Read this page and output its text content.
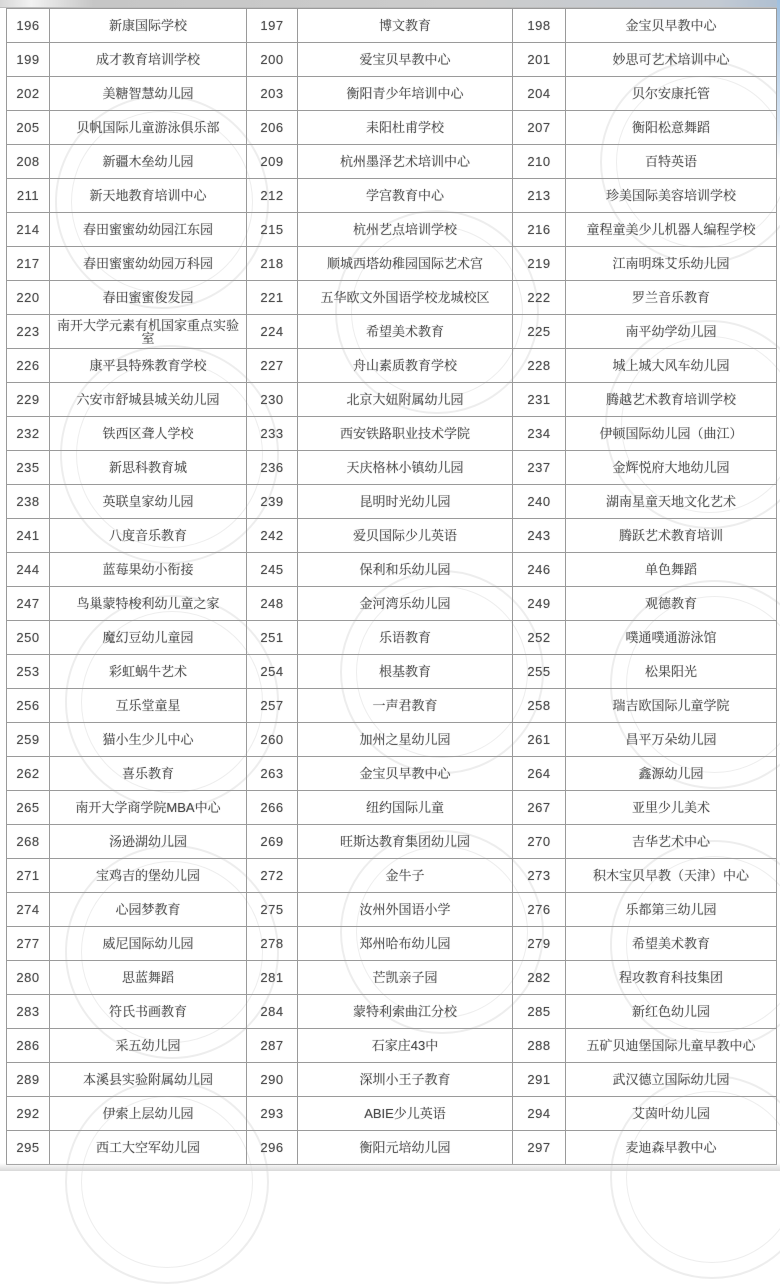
196	新康国际学校	197	博文教育	198	金宝贝早教中心
199	成才教育培训学校	200	爱宝贝早教中心	201	妙思可艺术培训中心
202	美糖智慧幼儿园	203	衡阳青少年培训中心	204	贝尔安康托管
205	贝帆国际儿童游泳俱乐部	206	耒阳杜甫学校	207	衡阳松意舞蹈
208	新疆木垒幼儿园	209	杭州墨泽艺术培训中心	210	百特英语
211	新天地教育培训中心	212	学宫教育中心	213	珍美国际美容培训学校
214	春田蜜蜜幼幼园江东园	215	杭州艺点培训学校	216	童程童美少儿机器人编程学校
217	春田蜜蜜幼幼园万科园	218	顺城西塔幼稚园国际艺术宫	219	江南明珠艾乐幼儿园
220	春田蜜蜜俊发园	221	五华欧文外国语学校龙城校区	222	罗兰音乐教育
223	南开大学元素有机国家重点实验室	224	希望美术教育	225	南平幼学幼儿园
226	康平县特殊教育学校	227	舟山素质教育学校	228	城上城大风车幼儿园
229	六安市舒城县城关幼儿园	230	北京大妞附属幼儿园	231	腾越艺术教育培训学校
232	铁西区聋人学校	233	西安铁路职业技术学院	234	伊顿国际幼儿园（曲江）
235	新思科教育城	236	天庆格林小镇幼儿园	237	金辉悦府大地幼儿园
238	英联皇家幼儿园	239	昆明时光幼儿园	240	湖南星童天地文化艺术
241	八度音乐教育	242	爱贝国际少儿英语	243	腾跃艺术教育培训
244	蓝莓果幼小衔接	245	保利和乐幼儿园	246	单色舞蹈
247	鸟巢蒙特梭利幼儿童之家	248	金河湾乐幼儿园	249	观德教育
250	魔幻豆幼儿童园	251	乐语教育	252	噗通噗通游泳馆
253	彩虹蜗牛艺术	254	根基教育	255	松果阳光
256	互乐堂童星	257	一声君教育	258	瑞吉欧国际儿童学院
259	猫小生少儿中心	260	加州之星幼儿园	261	昌平万朵幼儿园
262	喜乐教育	263	金宝贝早教中心	264	鑫源幼儿园
265	南开大学商学院MBA中心	266	纽约国际儿童	267	亚里少儿美术
268	汤逊湖幼儿园	269	旺斯达教育集团幼儿园	270	吉华艺术中心
271	宝鸡吉的堡幼儿园	272	金牛子	273	积木宝贝早教（天津）中心
274	心园梦教育	275	汝州外国语小学	276	乐都第三幼儿园
277	威尼国际幼儿园	278	郑州哈布幼儿园	279	希望美术教育
280	思蓝舞蹈	281	芒凯亲子园	282	程攻教育科技集团
283	符氏书画教育	284	蒙特利索曲江分校	285	新红色幼儿园
286	采五幼儿园	287	石家庄43中	288	五矿贝迪堡国际儿童早教中心
289	本溪县实验附属幼儿园	290	深圳小王子教育	291	武汉德立国际幼儿园
292	伊索上层幼儿园	293	ABIE少儿英语	294	艾茵叶幼儿园
295	西工大空军幼儿园	296	衡阳元培幼儿园	297	麦迪森早教中心
